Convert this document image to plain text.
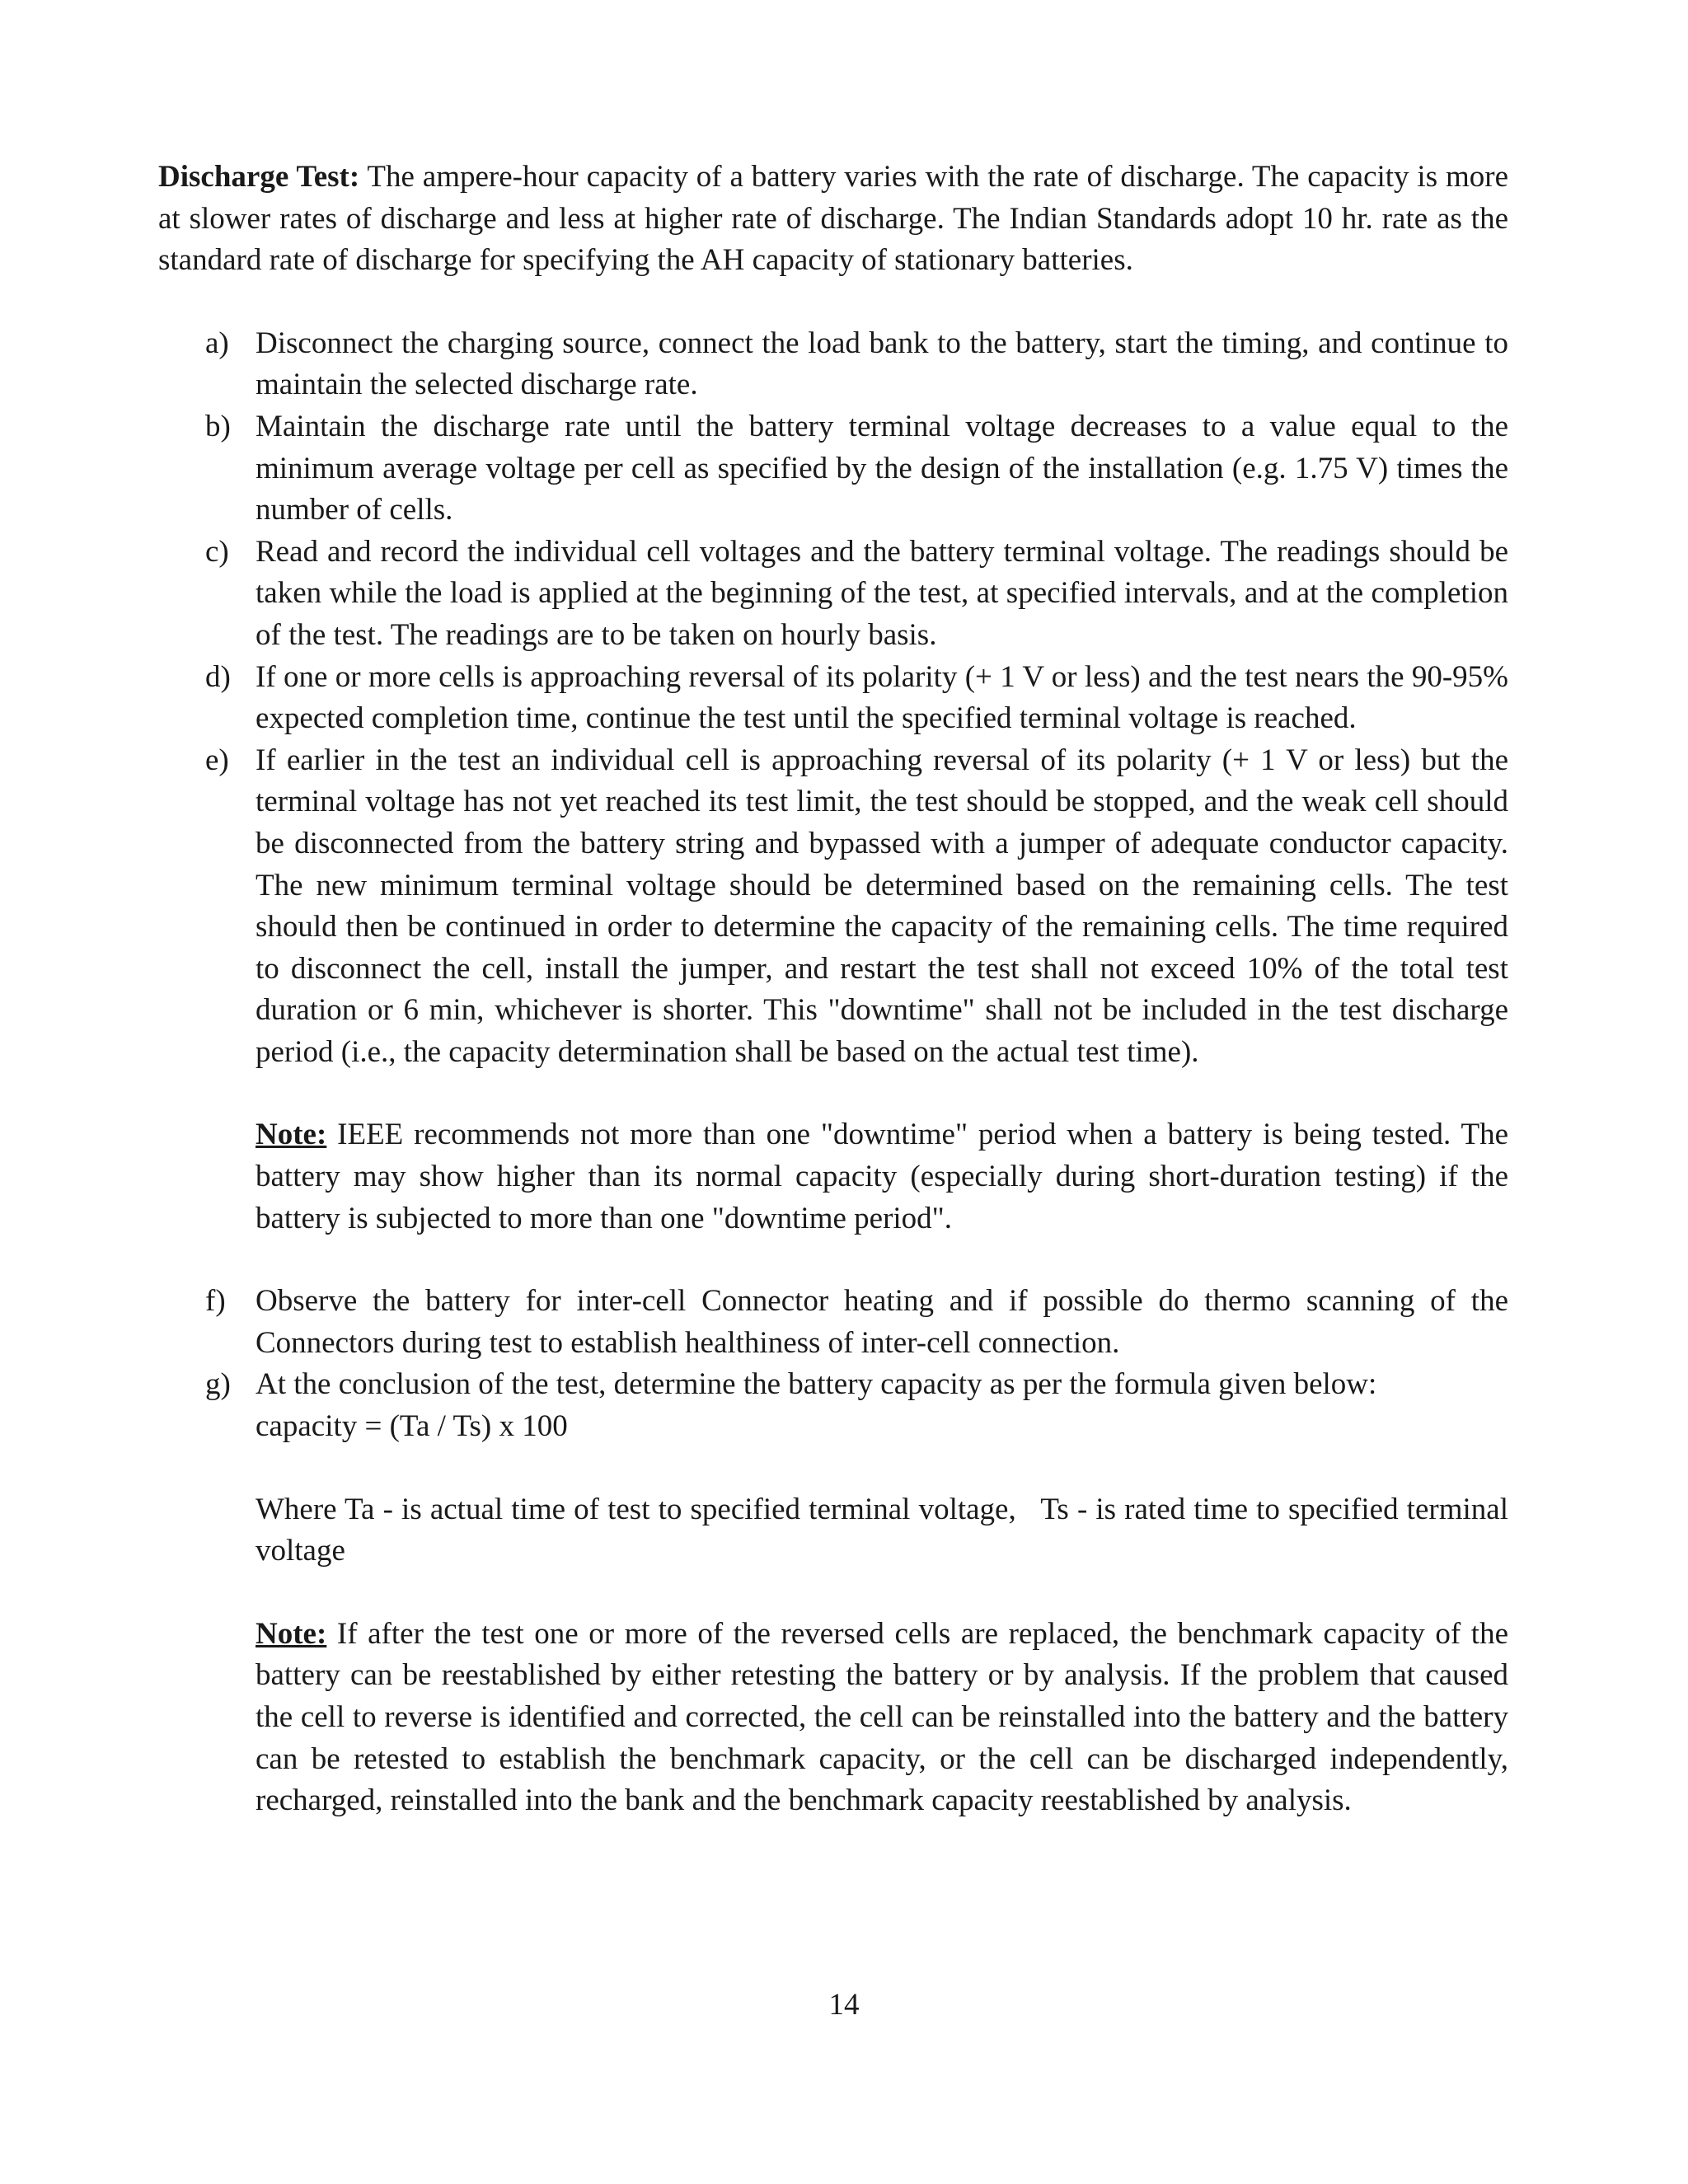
Discharge Test: The ampere-hour capacity of a battery varies with the rate of discharge. The capacity is more at slower rates of discharge and less at higher rate of discharge. The Indian Standards adopt 10 hr. rate as the standard rate of discharge for specifying the AH capacity of stationary batteries.

a) Disconnect the charging source, connect the load bank to the battery, start the timing, and continue to maintain the selected discharge rate.
b) Maintain the discharge rate until the battery terminal voltage decreases to a value equal to the minimum average voltage per cell as specified by the design of the installation (e.g. 1.75 V) times the number of cells.
c) Read and record the individual cell voltages and the battery terminal voltage. The readings should be taken while the load is applied at the beginning of the test, at specified intervals, and at the completion of the test. The readings are to be taken on hourly basis.
d) If one or more cells is approaching reversal of its polarity (+ 1 V or less) and the test nears the 90-95% expected completion time, continue the test until the specified terminal voltage is reached.
e) If earlier in the test an individual cell is approaching reversal of its polarity (+ 1 V or less) but the terminal voltage has not yet reached its test limit, the test should be stopped, and the weak cell should be disconnected from the battery string and bypassed with a jumper of adequate conductor capacity. The new minimum terminal voltage should be determined based on the remaining cells. The test should then be continued in order to determine the capacity of the remaining cells. The time required to disconnect the cell, install the jumper, and restart the test shall not exceed 10% of the total test duration or 6 min, whichever is shorter. This "downtime" shall not be included in the test discharge period (i.e., the capacity determination shall be based on the actual test time).
Note: IEEE recommends not more than one "downtime" period when a battery is being tested. The battery may show higher than its normal capacity (especially during short-duration testing) if the battery is subjected to more than one "downtime period".
f) Observe the battery for inter-cell Connector heating and if possible do thermo scanning of the Connectors during test to establish healthiness of inter-cell connection.
g) At the conclusion of the test, determine the battery capacity as per the formula given below:
capacity = (Ta / Ts) x 100
Where Ta - is actual time of test to specified terminal voltage, Ts - is rated time to specified terminal voltage
Note: If after the test one or more of the reversed cells are replaced, the benchmark capacity of the battery can be reestablished by either retesting the battery or by analysis. If the problem that caused the cell to reverse is identified and corrected, the cell can be reinstalled into the battery and the battery can be retested to establish the benchmark capacity, or the cell can be discharged independently, recharged, reinstalled into the bank and the benchmark capacity reestablished by analysis.
14
